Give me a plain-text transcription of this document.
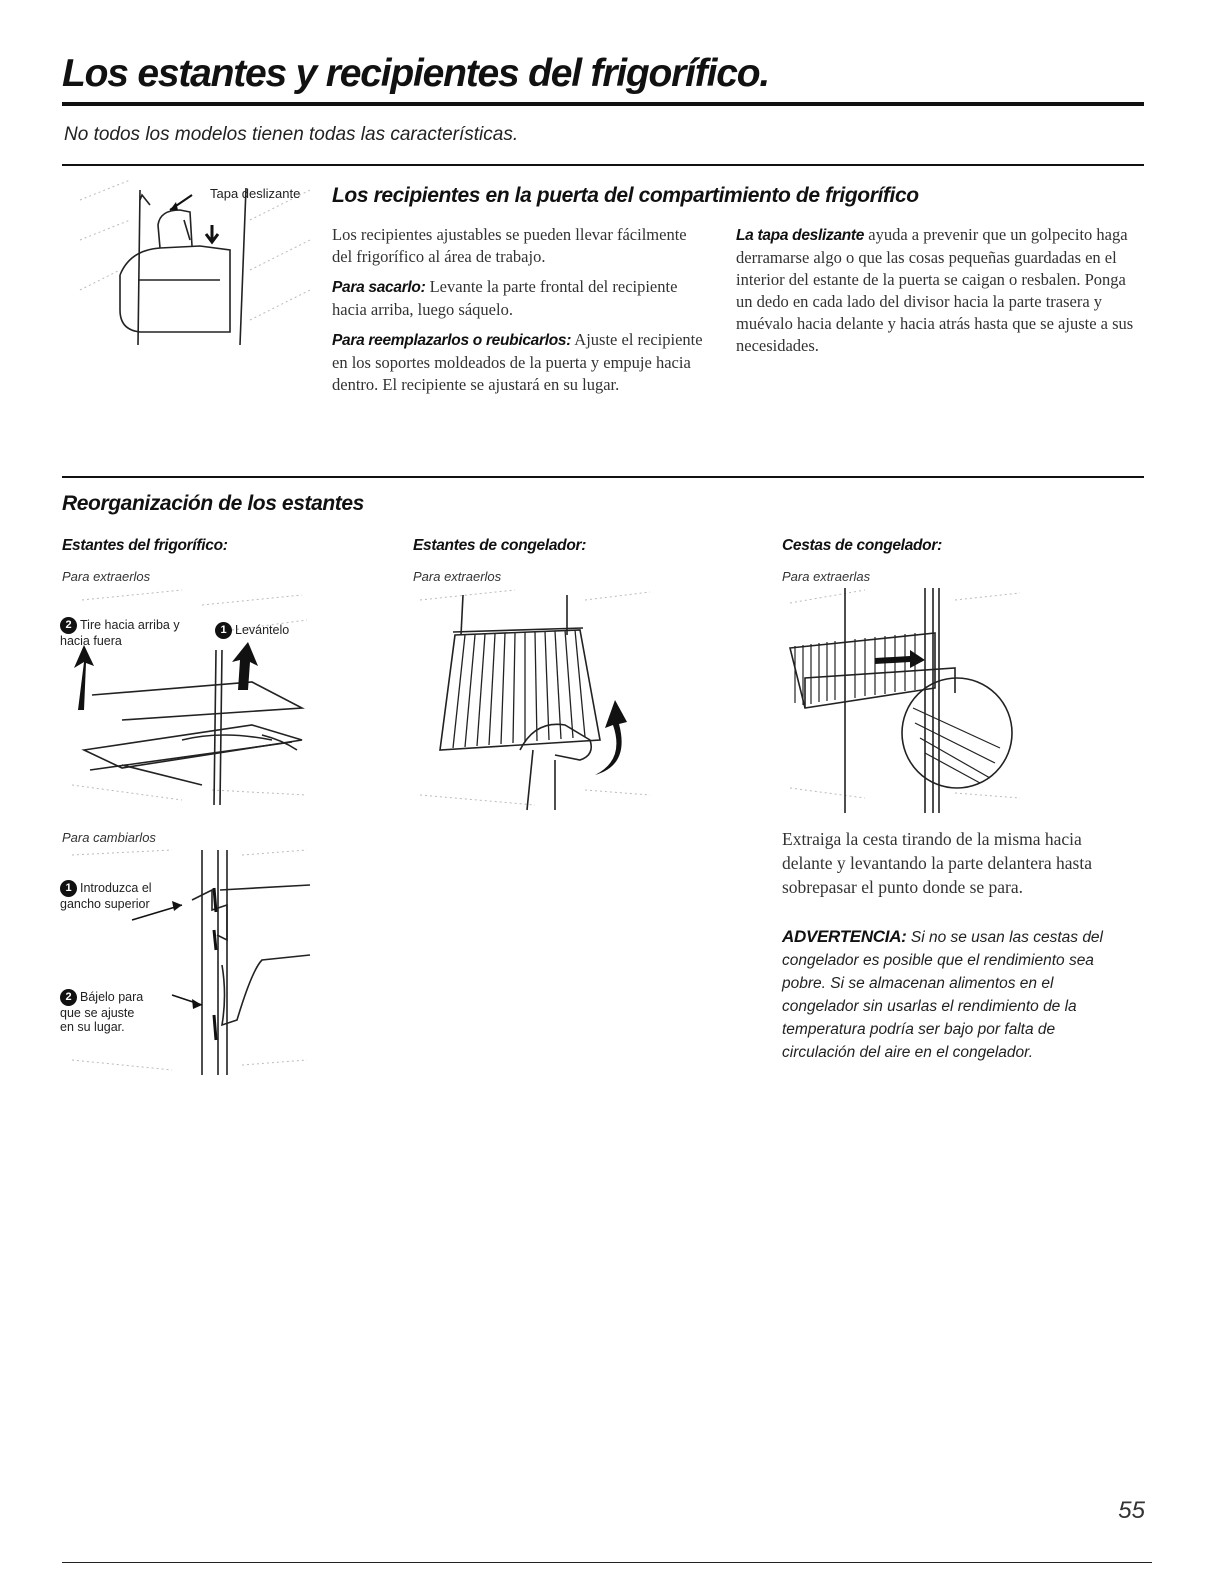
Los estantes y recipientes del frigorífico.
No todos los modelos tienen todas las características.
Tapa deslizante Los recipientes en la puerta del compartimiento de frigorífico

Los recipientes ajustables se pueden llevar fácilmente del frigorífico al área de trabajo.

Para sacarlo: Levante la parte frontal del recipiente hacia arriba, luego sáquelo.

Para reemplazarlos o reubicarlos: Ajuste el recipiente en los soportes moldeados de la puerta y empuje hacia dentro. El recipiente se ajustará en su lugar.

La tapa deslizante ayuda a prevenir que un golpecito haga derramarse algo o que las cosas pequeñas guardadas en el interior del estante de la puerta se caigan o resbalen. Ponga un dedo en cada lado del divisor hacia la parte trasera y muévalo hacia delante y hacia atrás hasta que se ajuste a sus necesidades.

Reorganización de los estantes
Estantes del frigorífico:
Para extraerlos
2 Tire hacia arriba y hacia fuera
1 Levántelo
Para cambiarlos
1 Introduzca el gancho superior
2 Bájelo para que se ajuste en su lugar.
Estantes de congelador:
Para extraerlos
Cestas de congelador:
Para extraerlas
Extraiga la cesta tirando de la misma hacia delante y levantando la parte delantera hasta sobrepasar el punto donde se para.
ADVERTENCIA: Si no se usan las cestas del congelador es posible que el rendimiento sea pobre. Si se almacenan alimentos en el congelador sin usarlas el rendimiento de la temperatura podría ser bajo por falta de circulación del aire en el congelador.
55
